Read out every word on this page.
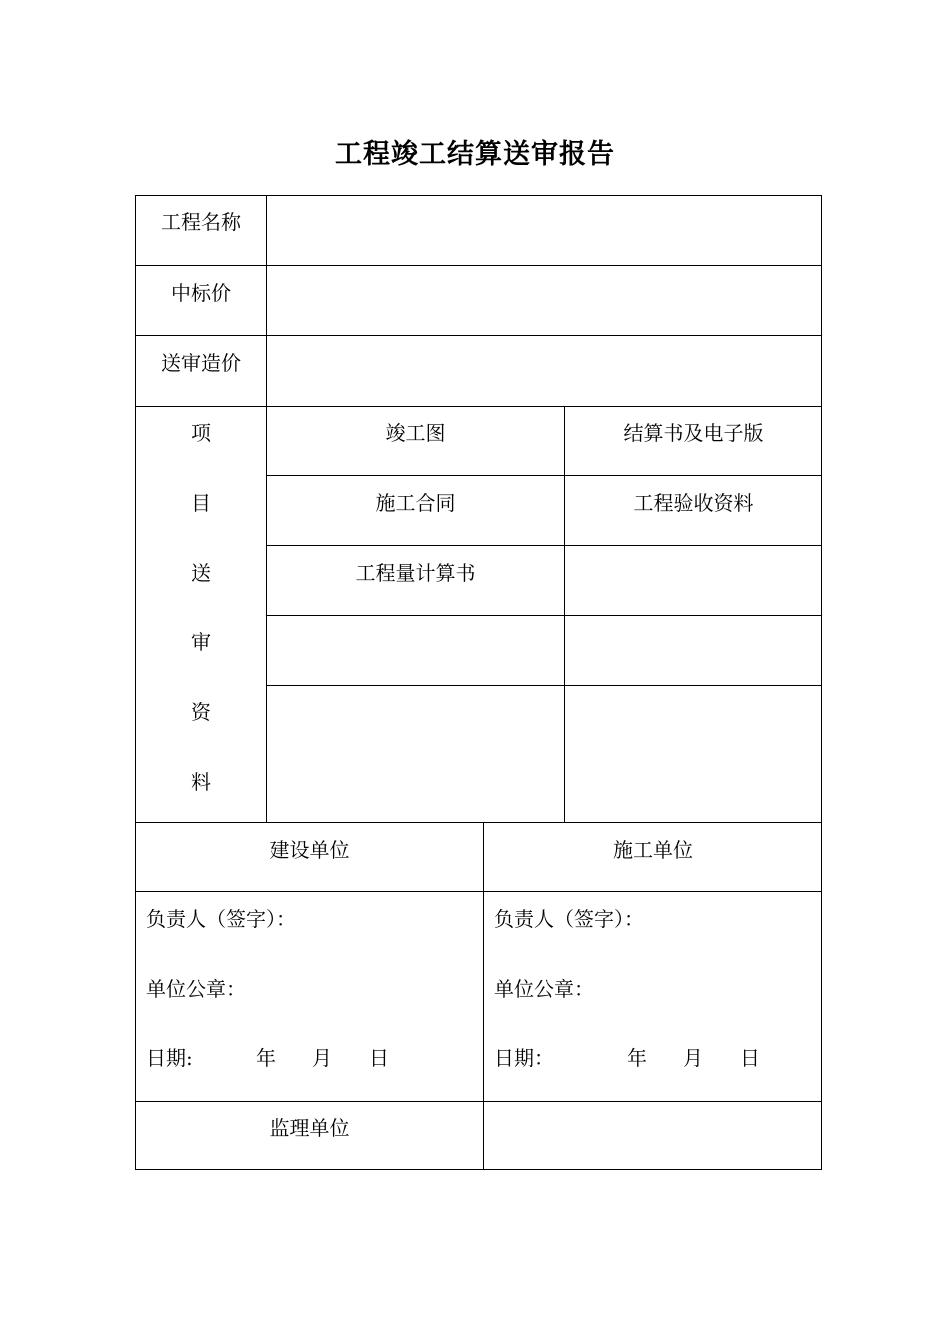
工程竣工结算送审报告
工程名称
中标价
送审造价
项
目
送
审
资
料
竣工图	结算书及电子版
施工合同	工程验收资料
工程量计算书
建设单位	施工单位
负责人（签字）：
单位公章：
日期:	年 月 日
负责人（签字）：
单位公章：
日期：	年 月 日
监理单位
